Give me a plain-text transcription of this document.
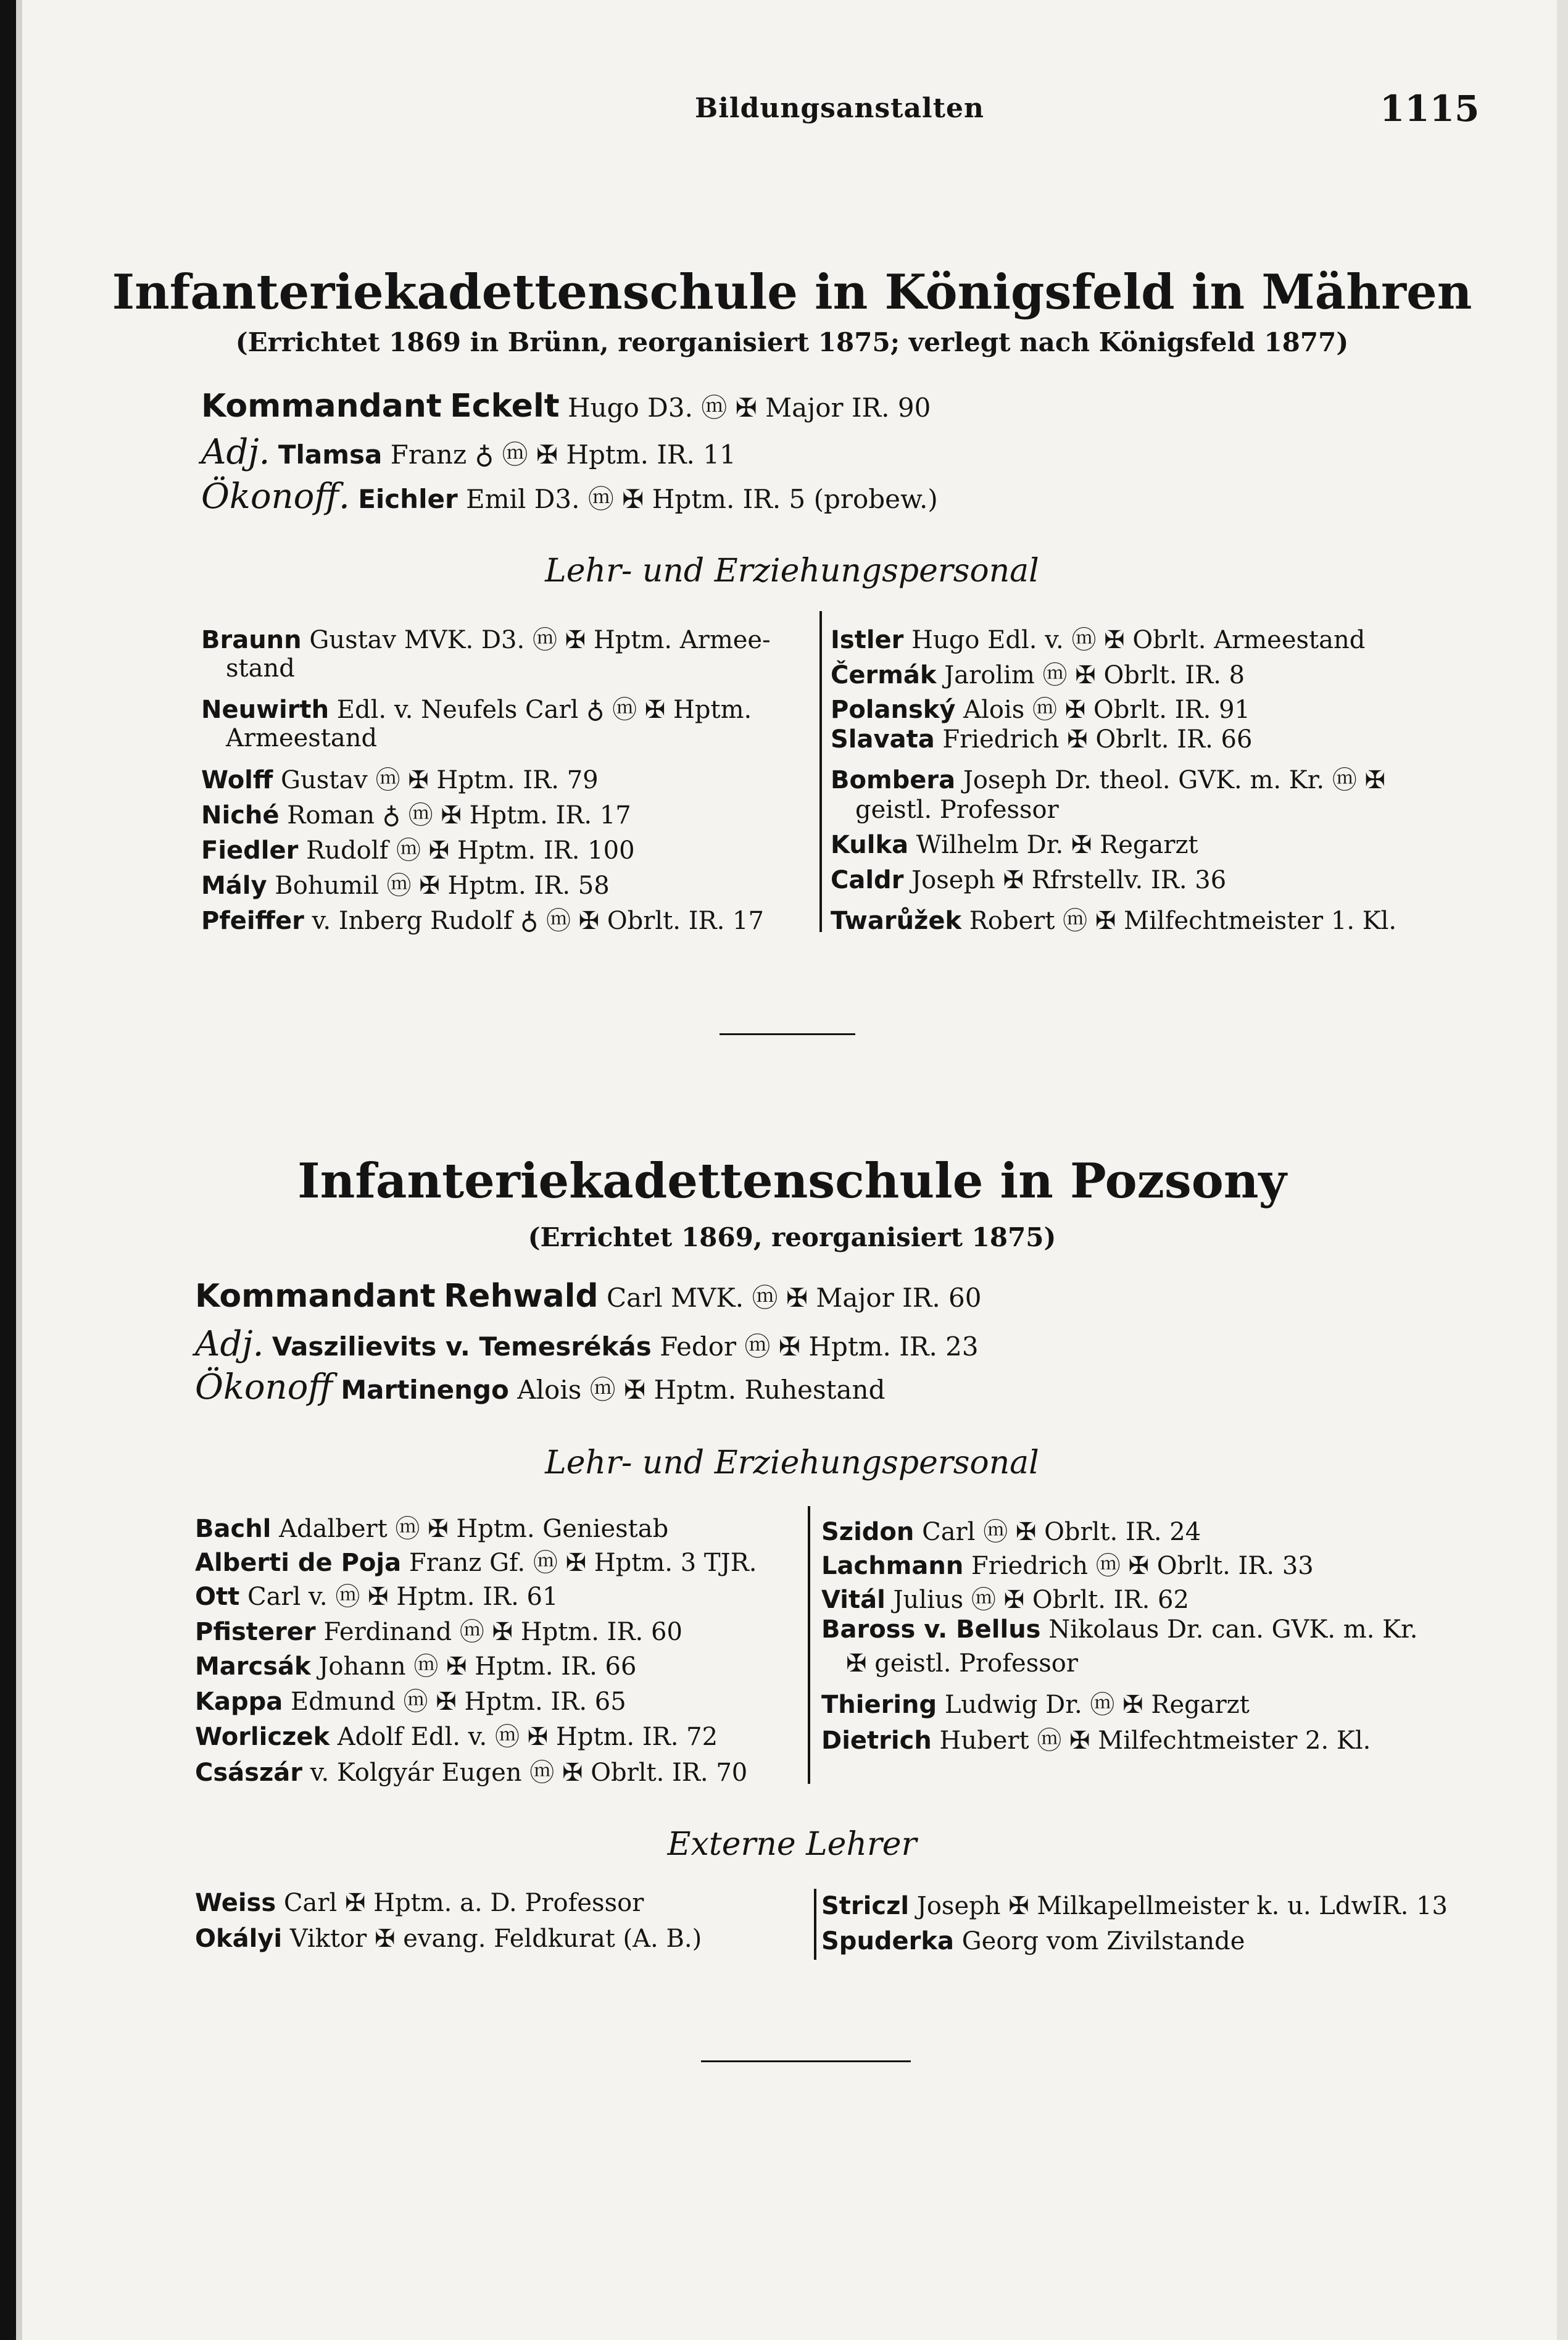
Bildungsanstalten	1115
Infanteriekadettenschule in Königsfeld in Mähren
(Errichtet 1869 in Brünn, reorganisiert 1875; verlegt nach Königsfeld 1877)
Kommandant Eckelt Hugo D3. ⓜ ✠ Major IR. 90
Adj. Tlamsa Franz ♁ ⓜ ✠ Hptm. IR. 11
Ökonoff. Eichler Emil D3. ⓜ ✠ Hptm. IR. 5 (probew.)
Lehr- und Erziehungspersonal
Braunn Gustav MVK. D3. ⓜ ✠ Hptm. Armee-
stand
Neuwirth Edl. v. Neufels Carl ♁ ⓜ ✠ Hptm.
Armeestand
Wolff Gustav ⓜ ✠ Hptm. IR. 79
Niché Roman ♁ ⓜ ✠ Hptm. IR. 17
Fiedler Rudolf ⓜ ✠ Hptm. IR. 100
Mály Bohumil ⓜ ✠ Hptm. IR. 58
Pfeiffer v. Inberg Rudolf ♁ ⓜ ✠ Obrlt. IR. 17
Istler Hugo Edl. v. ⓜ ✠ Obrlt. Armeestand
Čermák Jarolim ⓜ ✠ Obrlt. IR. 8
Polanský Alois ⓜ ✠ Obrlt. IR. 91
Slavata Friedrich ✠ Obrlt. IR. 66
Bombera Joseph Dr. theol. GVK. m. Kr. ⓜ ✠
geistl. Professor
Kulka Wilhelm Dr. ✠ Regarzt
Caldr Joseph ✠ Rfrstellv. IR. 36
Twarůžek Robert ⓜ ✠ Milfechtmeister 1. Kl.
Infanteriekadettenschule in Pozsony
(Errichtet 1869, reorganisiert 1875)
Kommandant Rehwald Carl MVK. ⓜ ✠ Major IR. 60
Adj. Vaszilievits v. Temesrékás Fedor ⓜ ✠ Hptm. IR. 23
Ökonoff Martinengo Alois ⓜ ✠ Hptm. Ruhestand
Lehr- und Erziehungspersonal
Bachl Adalbert ⓜ ✠ Hptm. Geniestab
Alberti de Poja Franz Gf. ⓜ ✠ Hptm. 3 TJR.
Ott Carl v. ⓜ ✠ Hptm. IR. 61
Pfisterer Ferdinand ⓜ ✠ Hptm. IR. 60
Marcsák Johann ⓜ ✠ Hptm. IR. 66
Kappa Edmund ⓜ ✠ Hptm. IR. 65
Worliczek Adolf Edl. v. ⓜ ✠ Hptm. IR. 72
Császár v. Kolgyár Eugen ⓜ ✠ Obrlt. IR. 70
Szidon Carl ⓜ ✠ Obrlt. IR. 24
Lachmann Friedrich ⓜ ✠ Obrlt. IR. 33
Vitál Julius ⓜ ✠ Obrlt. IR. 62
Baross v. Bellus Nikolaus Dr. can. GVK. m. Kr.
✠ geistl. Professor
Thiering Ludwig Dr. ⓜ ✠ Regarzt
Dietrich Hubert ⓜ ✠ Milfechtmeister 2. Kl.
Externe Lehrer
Weiss Carl ✠ Hptm. a. D. Professor
Okályi Viktor ✠ evang. Feldkurat (A. B.)
Striczl Joseph ✠ Milkapellmeister k. u. LdwIR. 13
Spuderka Georg vom Zivilstande
